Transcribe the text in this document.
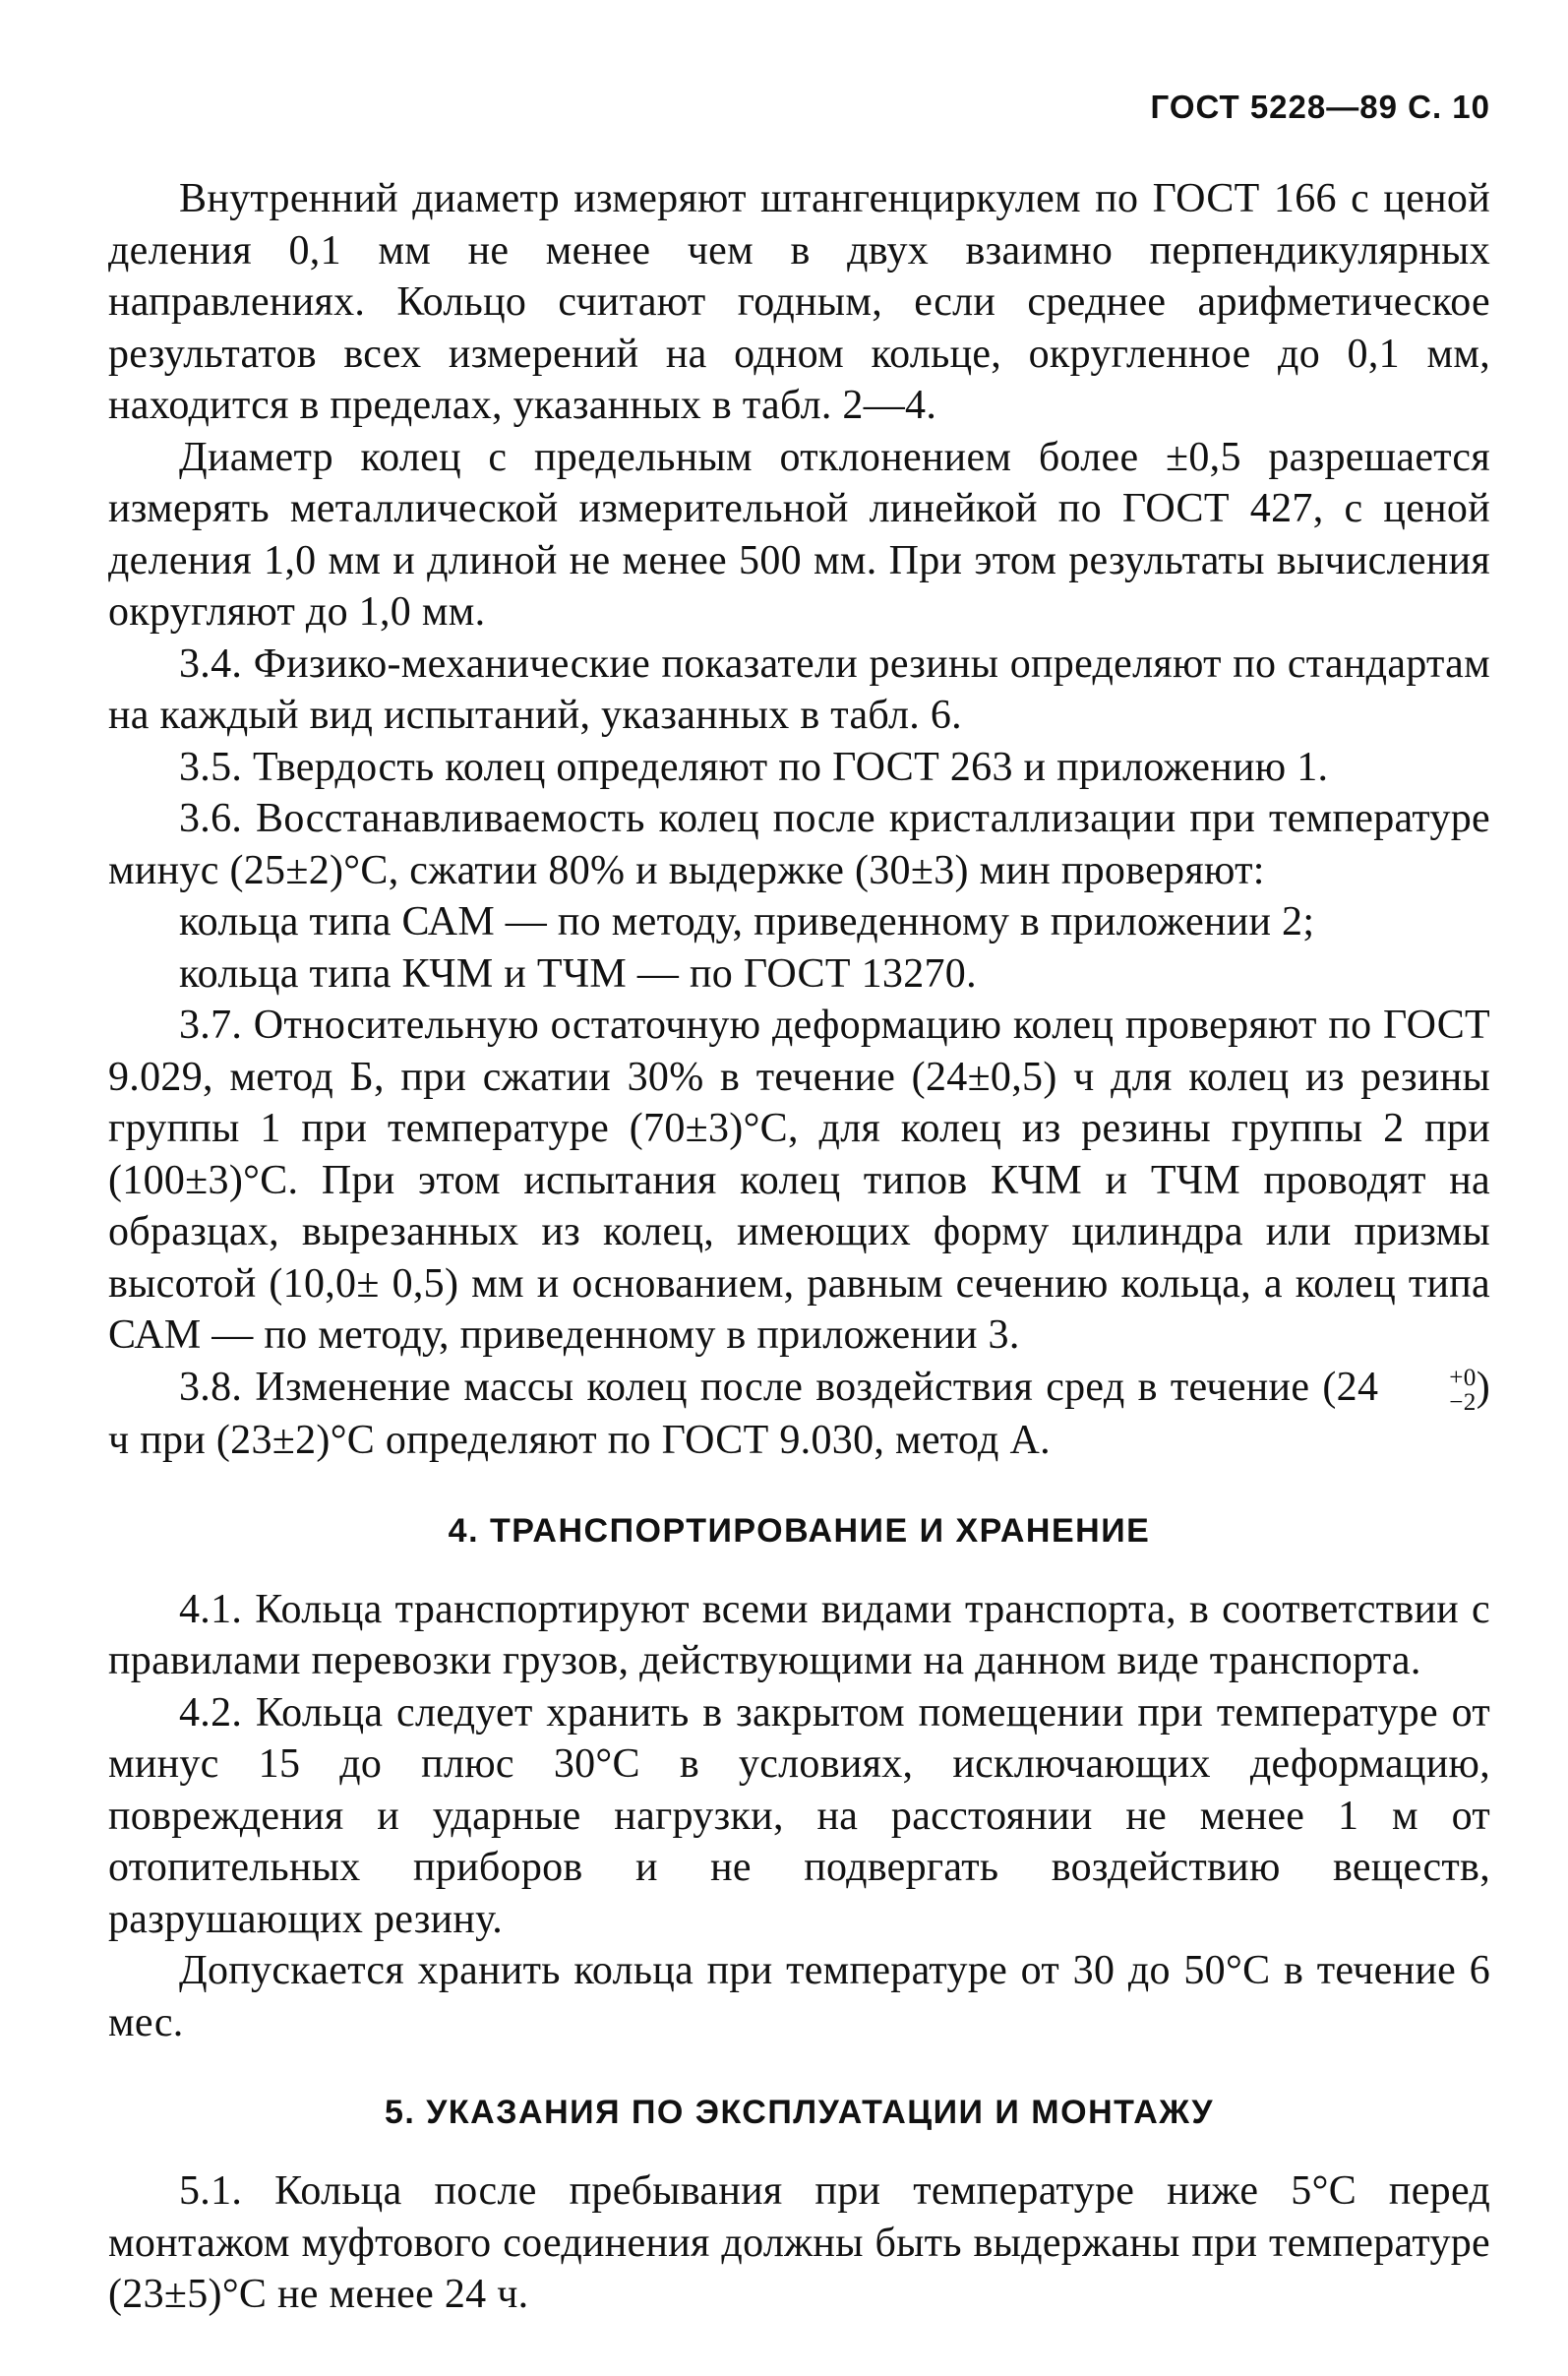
ГОСТ 5228—89 С. 10

Внутренний диаметр измеряют штангенциркулем по ГОСТ 166 с ценой деления 0,1 мм не менее чем в двух взаимно перпендикулярных направлениях. Кольцо считают годным, если среднее арифметическое результатов всех измерений на одном кольце, округленное до 0,1 мм, находится в пределах, указанных в табл. 2—4.

Диаметр колец с предельным отклонением более ±0,5 разрешается измерять металлической измерительной линейкой по ГОСТ 427, с ценой деления 1,0 мм и длиной не менее 500 мм. При этом результаты вычисления округляют до 1,0 мм.

3.4. Физико-механические показатели резины определяют по стандартам на каждый вид испытаний, указанных в табл. 6.

3.5. Твердость колец определяют по ГОСТ 263 и приложению 1.

3.6. Восстанавливаемость колец после кристаллизации при температуре минус (25±2)°С, сжатии 80% и выдержке (30±3) мин проверяют:

кольца типа САМ — по методу, приведенному в приложении 2;

кольца типа КЧМ и ТЧМ — по ГОСТ 13270.

3.7. Относительную остаточную деформацию колец проверяют по ГОСТ 9.029, метод Б, при сжатии 30% в течение (24±0,5) ч для колец из резины группы 1 при температуре (70±3)°С, для колец из резины группы 2 при (100±3)°С. При этом испытания колец типов КЧМ и ТЧМ проводят на образцах, вырезанных из колец, имеющих форму цилиндра или призмы высотой (10,0± 0,5) мм и основанием, равным сечению кольца, а колец типа САМ — по методу, приведенному в приложении 3.

3.8. Изменение массы колец после воздействия сред в течение (24	+0
−2 ) ч при (23±2)°С определяют по ГОСТ 9.030, метод А.

4. ТРАНСПОРТИРОВАНИЕ И ХРАНЕНИЕ

4.1. Кольца транспортируют всеми видами транспорта, в соответствии с правилами перевозки грузов, действующими на данном виде транспорта.

4.2. Кольца следует хранить в закрытом помещении при температуре от минус 15 до плюс 30°С в условиях, исключающих деформацию, повреждения и ударные нагрузки, на расстоянии не менее 1 м от отопительных приборов и не подвергать воздействию веществ, разрушающих резину.

Допускается хранить кольца при температуре от 30 до 50°С в течение 6 мес.

5. УКАЗАНИЯ ПО ЭКСПЛУАТАЦИИ И МОНТАЖУ

5.1. Кольца после пребывания при температуре ниже 5°С перед монтажом муфтового соединения должны быть выдержаны при температуре (23±5)°С не менее 24 ч.
